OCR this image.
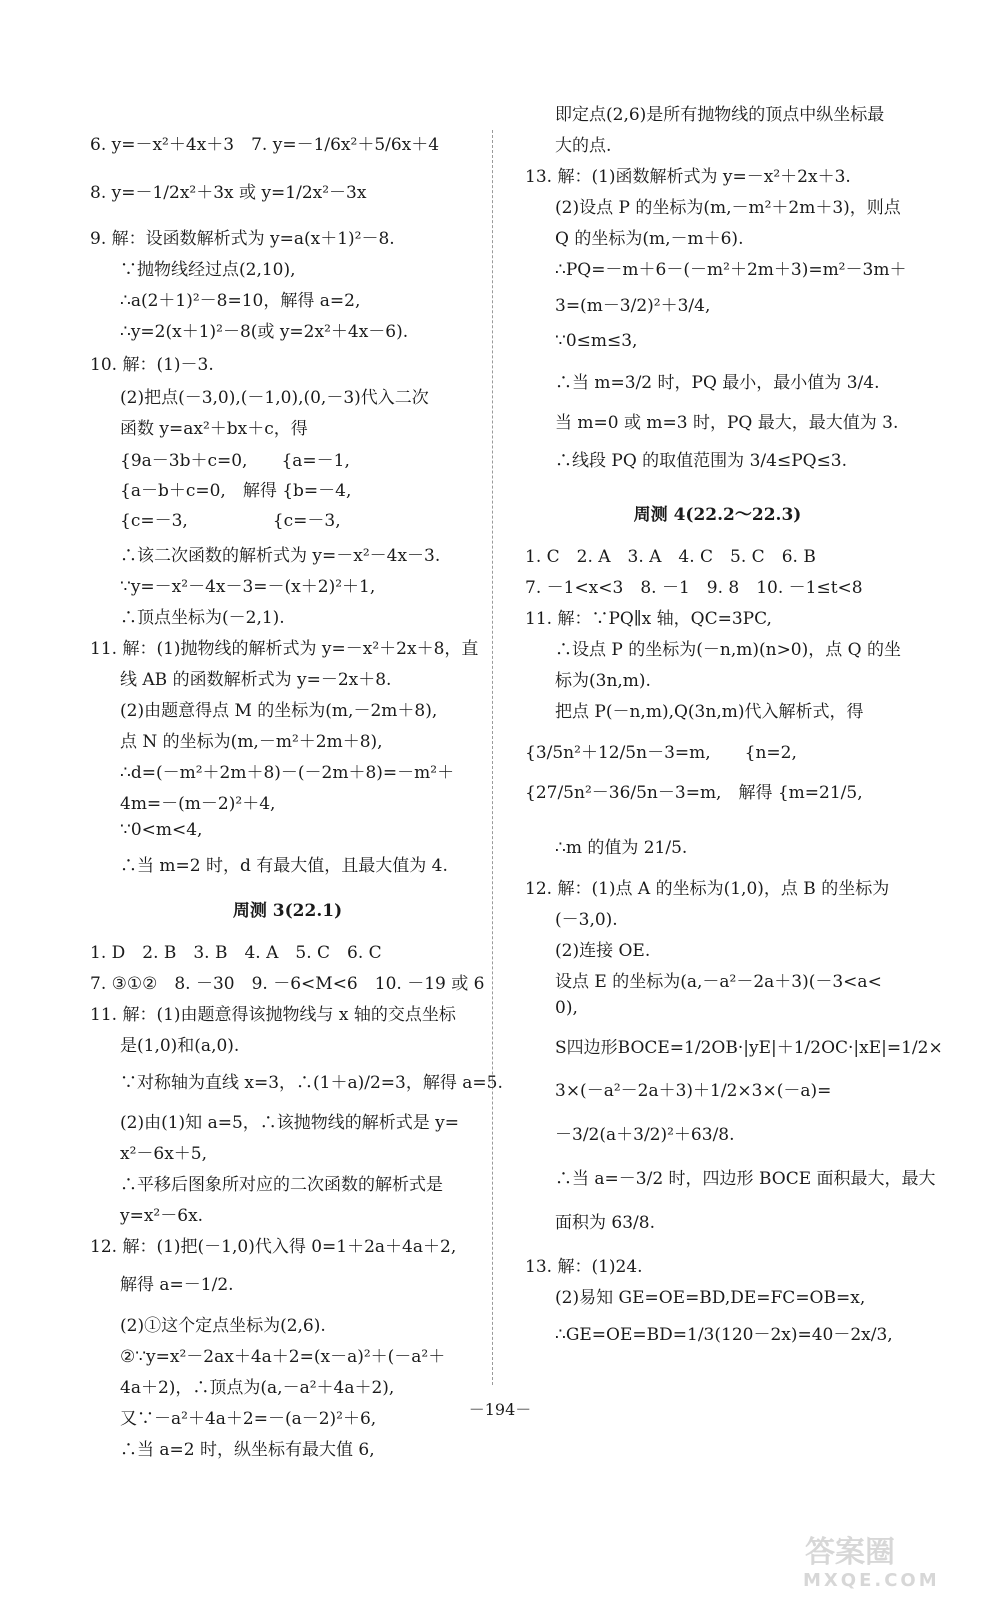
6. y=－x²＋4x＋3　7. y=－1/6x²＋5/6x＋4
8. y=－1/2x²＋3x 或 y=1/2x²－3x
9. 解：设函数解析式为 y=a(x＋1)²－8.
∵抛物线经过点(2,10),
∴a(2＋1)²－8=10，解得 a=2,
∴y=2(x＋1)²－8(或 y=2x²＋4x－6).
10. 解：(1)－3.
(2)把点(－3,0),(－1,0),(0,－3)代入二次
函数 y=ax²＋bx＋c，得
{9a－3b＋c=0,　　{a=－1,
{a－b＋c=0,　解得 {b=－4,
{c=－3,　　　　　{c=－3,
∴该二次函数的解析式为 y=－x²－4x－3.
∵y=－x²－4x－3=－(x＋2)²＋1,
∴顶点坐标为(－2,1).
11. 解：(1)抛物线的解析式为 y=－x²＋2x＋8，直
线 AB 的函数解析式为 y=－2x＋8.
(2)由题意得点 M 的坐标为(m,－2m＋8),
点 N 的坐标为(m,－m²＋2m＋8),
∴d=(－m²＋2m＋8)－(－2m＋8)=－m²＋
4m=－(m－2)²＋4,
∵0<m<4,
∴当 m=2 时，d 有最大值，且最大值为 4.
周测 3(22.1)
1. D　2. B　3. B　4. A　5. C　6. C
7. ③①②　8. －30　9. －6<M<6　10. －19 或 6
11. 解：(1)由题意得该抛物线与 x 轴的交点坐标
是(1,0)和(a,0).
∵对称轴为直线 x=3，∴(1＋a)/2=3，解得 a=5.
(2)由(1)知 a=5，∴该抛物线的解析式是 y=
x²－6x＋5,
∴平移后图象所对应的二次函数的解析式是
y=x²－6x.
12. 解：(1)把(－1,0)代入得 0=1＋2a＋4a＋2,
解得 a=－1/2.
(2)①这个定点坐标为(2,6).
②∵y=x²－2ax＋4a＋2=(x－a)²＋(－a²＋
4a＋2)，∴顶点为(a,－a²＋4a＋2),
又∵－a²＋4a＋2=－(a－2)²＋6,
∴当 a=2 时，纵坐标有最大值 6,
即定点(2,6)是所有抛物线的顶点中纵坐标最
大的点.
13. 解：(1)函数解析式为 y=－x²＋2x＋3.
(2)设点 P 的坐标为(m,－m²＋2m＋3)，则点
Q 的坐标为(m,－m＋6).
∴PQ=－m＋6－(－m²＋2m＋3)=m²－3m＋
3=(m－3/2)²＋3/4,
∵0≤m≤3,
∴当 m=3/2 时，PQ 最小，最小值为 3/4.
当 m=0 或 m=3 时，PQ 最大，最大值为 3.
∴线段 PQ 的取值范围为 3/4≤PQ≤3.
周测 4(22.2～22.3)
1. C　2. A　3. A　4. C　5. C　6. B
7. －1<x<3　8. －1　9. 8　10. －1≤t<8
11. 解：∵PQ∥x 轴，QC=3PC,
∴设点 P 的坐标为(－n,m)(n>0)，点 Q 的坐
标为(3n,m).
把点 P(－n,m),Q(3n,m)代入解析式，得
{3/5n²＋12/5n－3=m,　　{n=2,
{27/5n²－36/5n－3=m,　解得 {m=21/5,
∴m 的值为 21/5.
12. 解：(1)点 A 的坐标为(1,0)，点 B 的坐标为
(－3,0).
(2)连接 OE.
设点 E 的坐标为(a,－a²－2a＋3)(－3<a<
0),
S四边形BOCE=1/2OB·|yE|＋1/2OC·|xE|=1/2×
3×(－a²－2a＋3)＋1/2×3×(－a)=
－3/2(a＋3/2)²＋63/8.
∴当 a=－3/2 时，四边形 BOCE 面积最大，最大
面积为 63/8.
13. 解：(1)24.
(2)易知 GE=OE=BD,DE=FC=OB=x,
∴GE=OE=BD=1/3(120－2x)=40－2x/3,
－194－
答案圈
MXQE.COM
